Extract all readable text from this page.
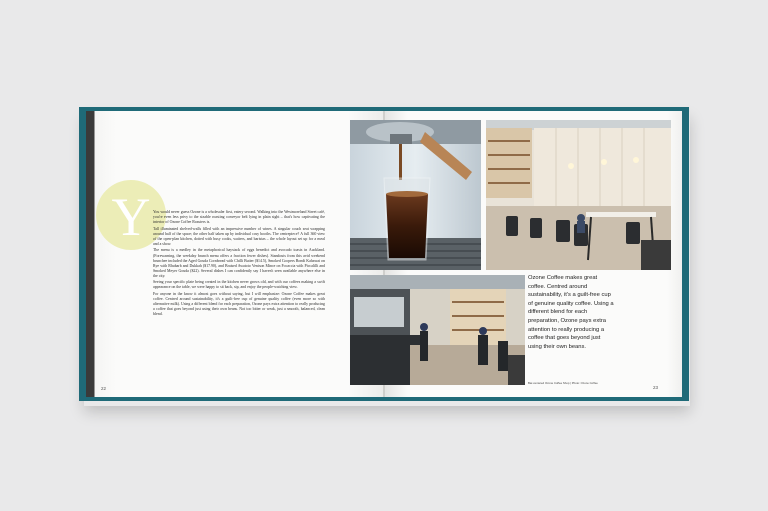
Y You would never guess Ozone is a wholesaler first, eatery second. Walking into the Westmoreland Street café, you're even less privy to the sizable roasting conveyor belt lying in plain sight – that's how captivating the interior of Ozone Coffee Roasters is.

Tall illuminated shelved-walls filled with an impressive number of wines. A singular couch seat wrapping around half of the space; the other half taken up by individual cosy booths. The centrepiece? A full 360 view of the open-plan kitchen, dotted with busy cooks, waiters, and baristas – the whole layout set up for a meal and a show.

The menu is a medley in the metaphorical haystack of eggs benedict and avocado toasts in Auckland. (Forewarning, the weekday brunch menu offers a fraction fewer dishes). Standouts from this avid weekend brunchee included the Aged Gouda Cornbread with Chilli Butter ($14.5), Smoked Coopers Bondi Kahawai on Rye with Rhubarb and Dukkah ($17.90), and Braised Awatoto Venison Mince on Focaccia with Piccalilli and Smoked Meyer Gouda ($22). Several dishes I can confidently say I haven't seen available anywhere else in the city.

Seeing your specific plate being created in the kitchen never grows old, and with our coffees making a swift appearance on the table, we were happy to sit back, sip, and enjoy the people-watching view.

For anyone in the know it almost goes without saying, but I will emphasize: Ozone Coffee makes great coffee. Centred around sustainability, it's a guilt-free cup of genuine quality coffee (even more so with alternative milk). Using a different blend for each preparation, Ozone pays extra attention to really producing a coffee that goes beyond just using their own beans. Not too bitter or weak, just a smooth, balanced, clean blend.

22
Ozone Coffee makes great coffee. Centred around sustainability, it's a guilt-free cup of genuine quality coffee. Using a different blend for each preparation, Ozone pays extra attention to really producing a coffee that goes beyond just using their own beans.
Bar-centered Ozone Coffee Shop | Photo: Ozone Coffee
23
